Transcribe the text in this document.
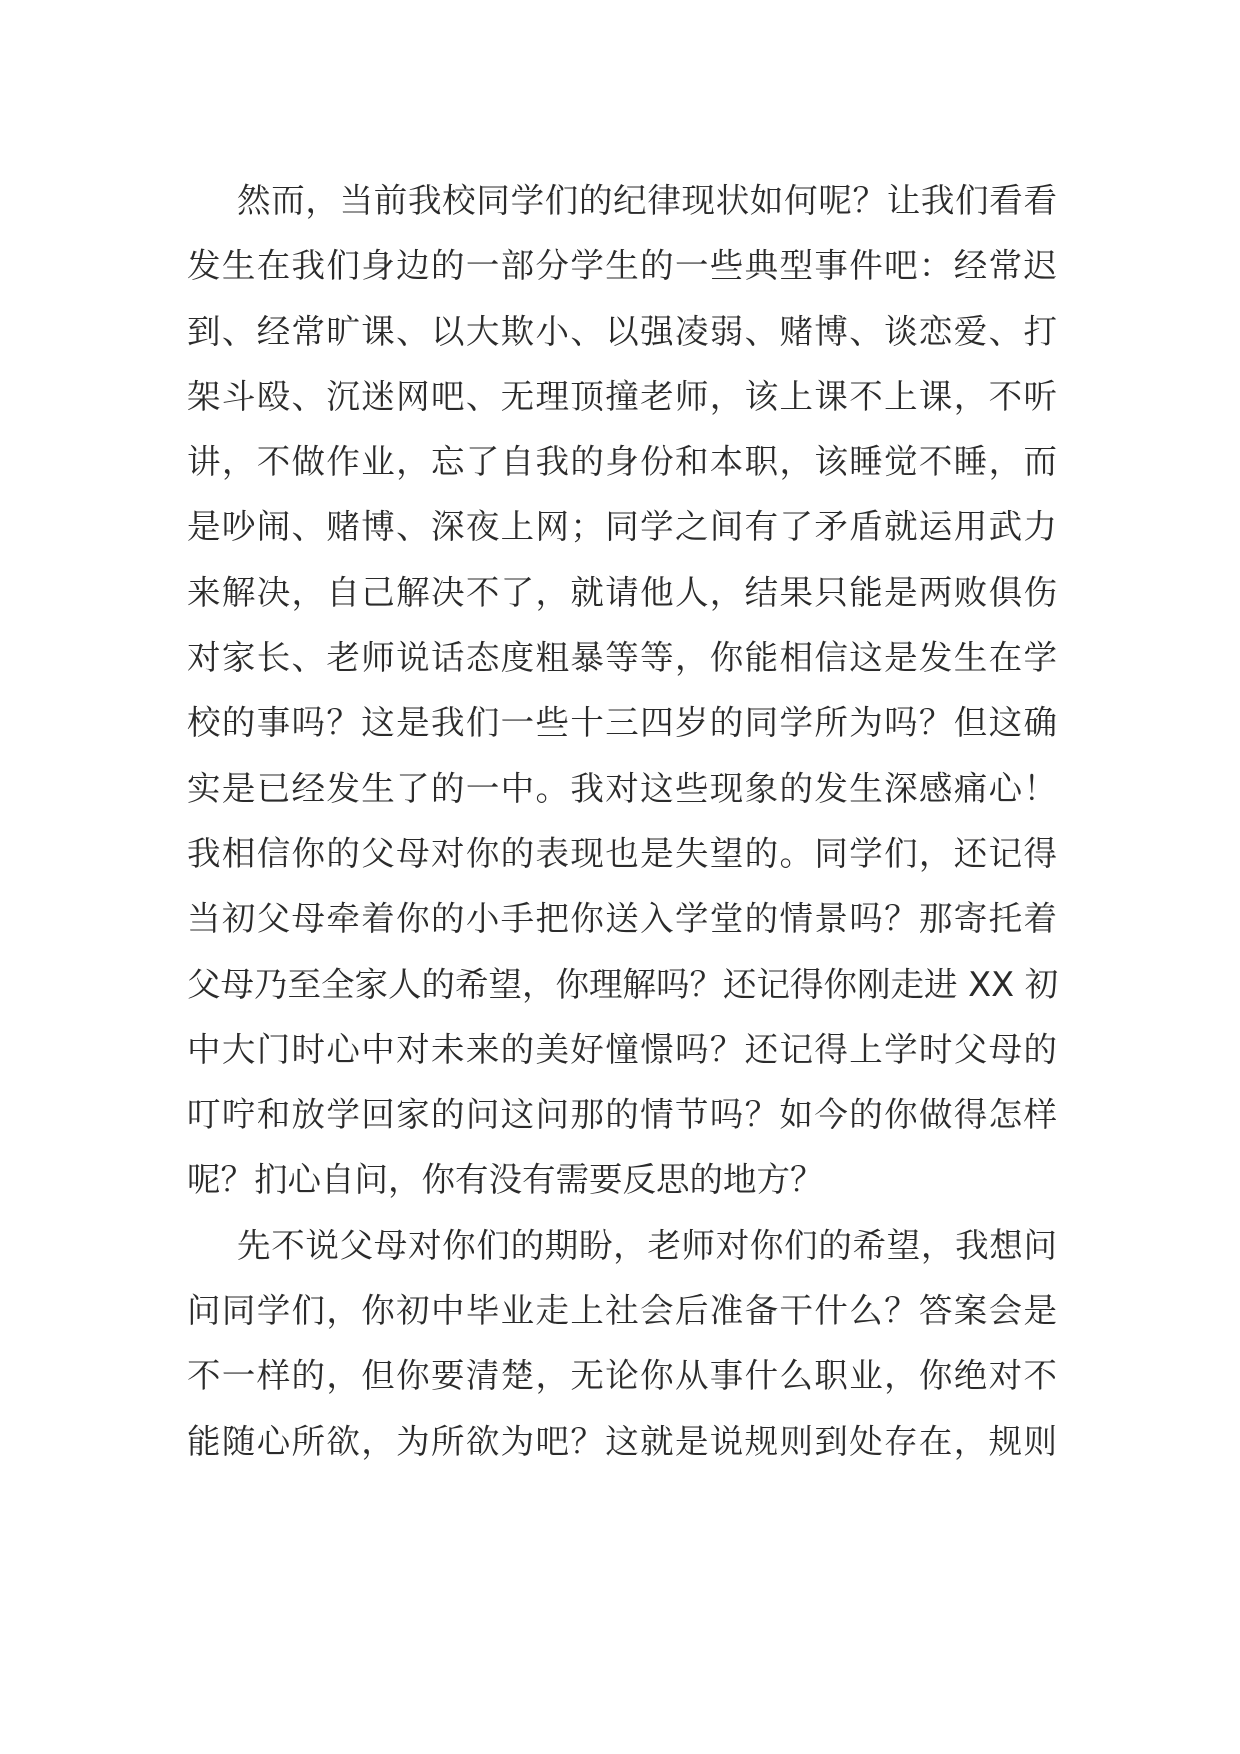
然而，当前我校同学们的纪律现状如何呢？让我们看看
发生在我们身边的一部分学生的一些典型事件吧：经常迟
到、经常旷课、以大欺小、以强凌弱、赌博、谈恋爱、打
架斗殴、沉迷网吧、无理顶撞老师，该上课不上课，不听
讲，不做作业，忘了自我的身份和本职，该睡觉不睡，而
是吵闹、赌博、深夜上网；同学之间有了矛盾就运用武力
来解决，自己解决不了，就请他人，结果只能是两败俱伤
对家长、老师说话态度粗暴等等，你能相信这是发生在学
校的事吗？这是我们一些十三四岁的同学所为吗？但这确
实是已经发生了的一中。我对这些现象的发生深感痛心！
我相信你的父母对你的表现也是失望的。同学们，还记得
当初父母牵着你的小手把你送入学堂的情景吗？那寄托着
父母乃至全家人的希望，你理解吗？还记得你刚走进 XX 初
中大门时心中对未来的美好憧憬吗？还记得上学时父母的
叮咛和放学回家的问这问那的情节吗？如今的你做得怎样
呢？扪心自问，你有没有需要反思的地方？
先不说父母对你们的期盼，老师对你们的希望，我想问
问同学们，你初中毕业走上社会后准备干什么？答案会是
不一样的，但你要清楚，无论你从事什么职业，你绝对不
能随心所欲，为所欲为吧？这就是说规则到处存在，规则
